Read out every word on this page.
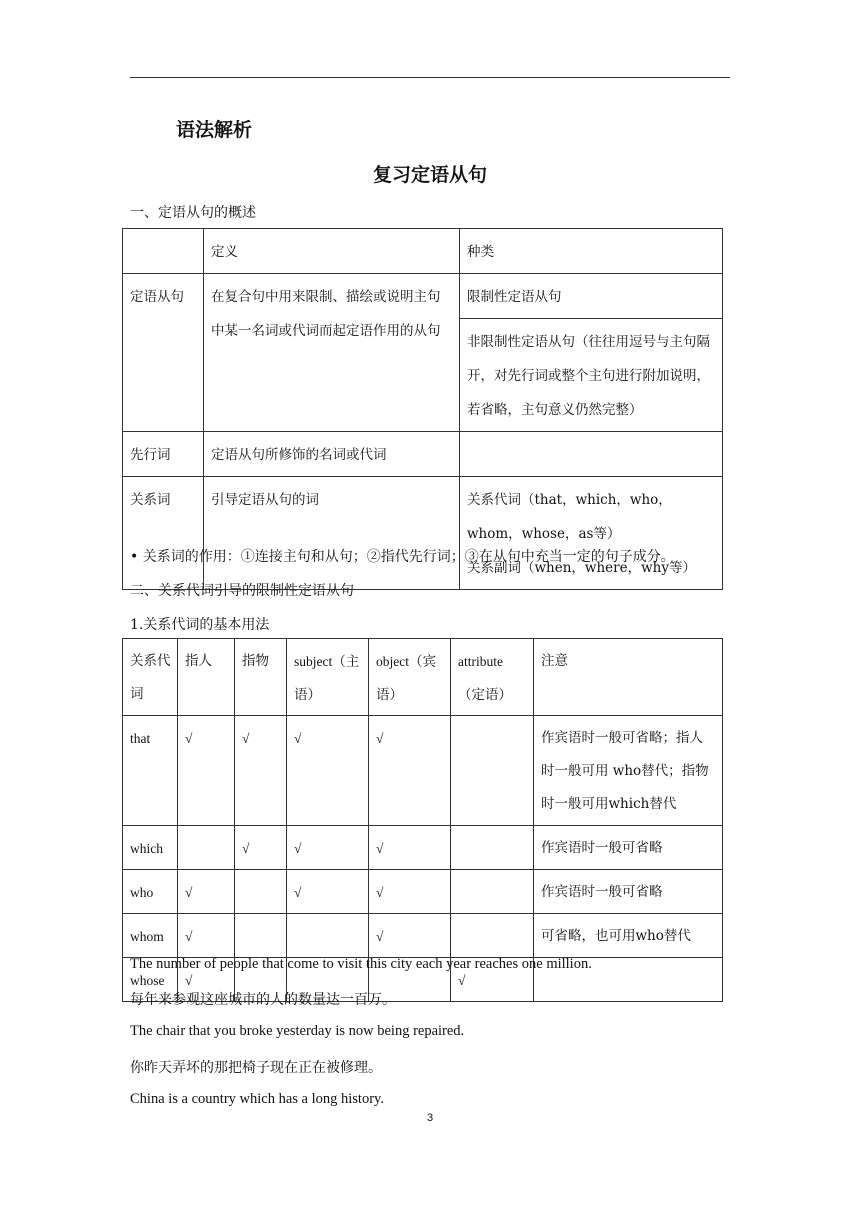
语法解析
复习定语从句
一、定语从句的概述
	定义	种类
定语从句	在复合句中用来限制、描绘或说明主句中某一名词或代词而起定语作用的从句	限制性定语从句
		非限制性定语从句（往往用逗号与主句隔开，对先行词或整个主句进行附加说明，若省略，主句意义仍然完整）
先行词	定语从句所修饰的名词或代词	
关系词	引导定语从句的词	关系代词（that，which，who，whom，whose，as等）
关系副词（when，where，why等）
• 关系词的作用：①连接主句和从句；②指代先行词；③在从句中充当一定的句子成分。
二、关系代词引导的限制性定语从句
1.关系代词的基本用法
关系代词	指人	指物	subject（主语）	object（宾语）	attribute（定语）	注意
that	√	√	√	√		作宾语时一般可省略；指人时一般可用 who替代；指物时一般可用which替代
which		√	√	√		作宾语时一般可省略
who	√		√	√		作宾语时一般可省略
whom	√			√		可省略，也可用who替代
whose	√				√	
The number of people that come to visit this city each year reaches one million.
每年来参观这座城市的人的数量达一百万。
The chair that you broke yesterday is now being repaired.
你昨天弄坏的那把椅子现在正在被修理。
China is a country which has a long history.
3
